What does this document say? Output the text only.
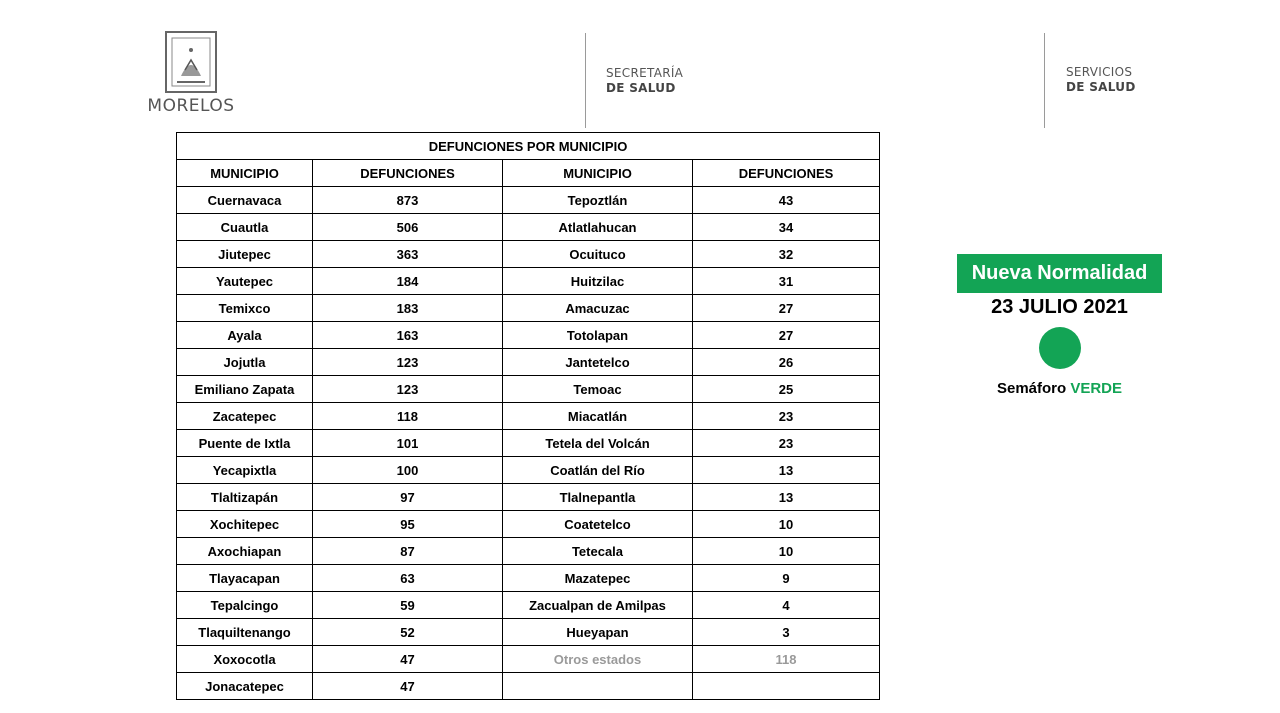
MORELOS
SECRETARÍA
DE SALUD
SERVICIOS
DE SALUD
DEFUNCIONES POR MUNICIPIO			
MUNICIPIO	DEFUNCIONES	MUNICIPIO	DEFUNCIONES
Cuernavaca	873	Tepoztlán	43
Cuautla	506	Atlatlahucan	34
Jiutepec	363	Ocuituco	32
Yautepec	184	Huitzilac	31
Temixco	183	Amacuzac	27
Ayala	163	Totolapan	27
Jojutla	123	Jantetelco	26
Emiliano Zapata	123	Temoac	25
Zacatepec	118	Miacatlán	23
Puente de Ixtla	101	Tetela del Volcán	23
Yecapixtla	100	Coatlán del Río	13
Tlaltizapán	97	Tlalnepantla	13
Xochitepec	95	Coatetelco	10
Axochiapan	87	Tetecala	10
Tlayacapan	63	Mazatepec	9
Tepalcingo	59	Zacualpan de Amilpas	4
Tlaquiltenango	52	Hueyapan	3
Xoxocotla	47	Otros estados	118
Jonacatepec	47		
Nueva Normalidad
23 JULIO 2021
Semáforo VERDE
